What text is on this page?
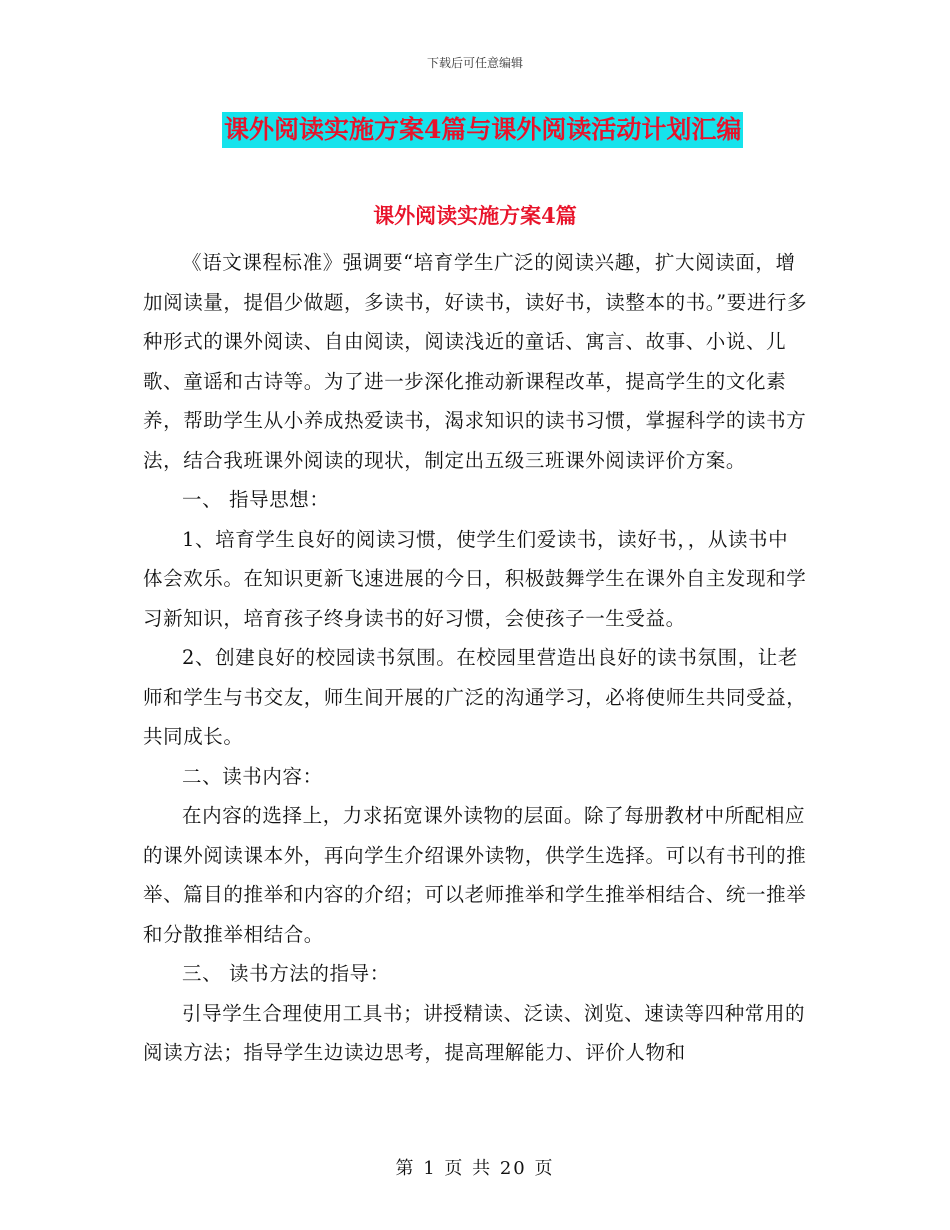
下载后可任意编辑
课外阅读实施方案4篇与课外阅读活动计划汇编
课外阅读实施方案4篇

《语文课程标准》强调要“培育学生广泛的阅读兴趣，扩大阅读面，增加阅读量，提倡少做题，多读书，好读书，读好书，读整本的书。”要进行多种形式的课外阅读、自由阅读，阅读浅近的童话、寓言、故事、小说、儿歌、童谣和古诗等。为了进一步深化推动新课程改革，提高学生的文化素养，帮助学生从小养成热爱读书，渴求知识的读书习惯，掌握科学的读书方法，结合我班课外阅读的现状，制定出五级三班课外阅读评价方案。

一、 指导思想：

1、培育学生良好的阅读习惯，使学生们爱读书，读好书，，从读书中体会欢乐。在知识更新飞速进展的今日，积极鼓舞学生在课外自主发现和学习新知识，培育孩子终身读书的好习惯，会使孩子一生受益。

2、创建良好的校园读书氛围。在校园里营造出良好的读书氛围，让老师和学生与书交友，师生间开展的广泛的沟通学习，必将使师生共同受益，共同成长。

二、读书内容：

在内容的选择上，力求拓宽课外读物的层面。除了每册教材中所配相应的课外阅读课本外，再向学生介绍课外读物，供学生选择。可以有书刊的推举、篇目的推举和内容的介绍；可以老师推举和学生推举相结合、统一推举和分散推举相结合。

三、 读书方法的指导：

引导学生合理使用工具书；讲授精读、泛读、浏览、速读等四种常用的阅读方法；指导学生边读边思考，提高理解能力、评价人物和

第 1 页 共 20 页
